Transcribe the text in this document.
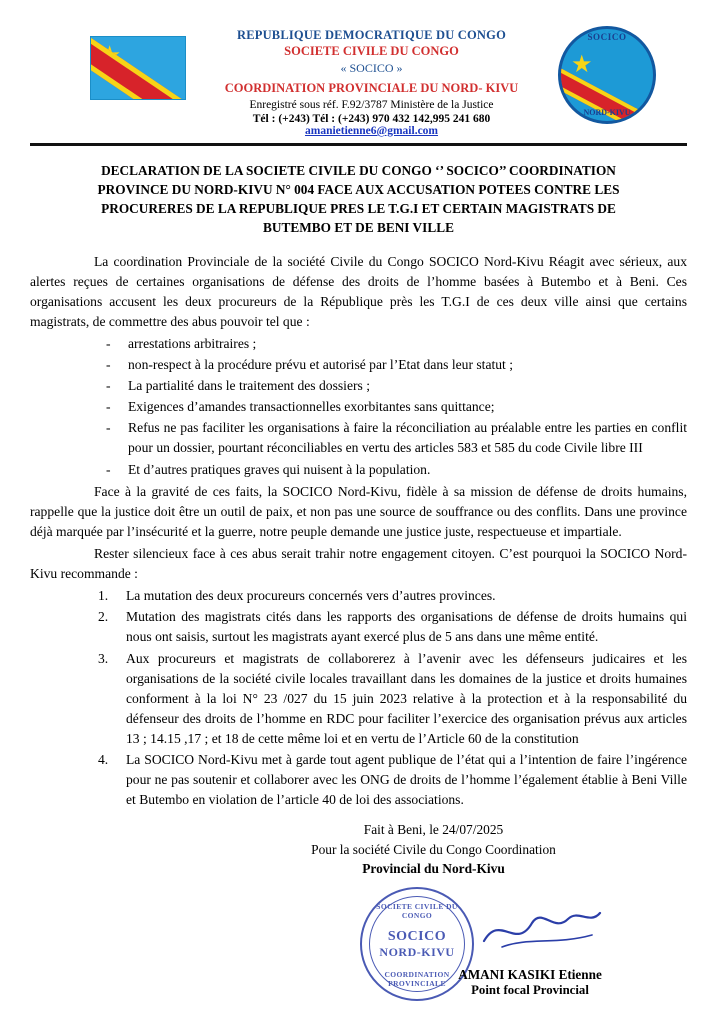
REPUBLIQUE DEMOCRATIQUE DU CONGO
SOCIETE CIVILE DU CONGO
« SOCICO »
COORDINATION PROVINCIALE DU NORD- KIVU
Enregistré sous réf. F.92/3787 Ministère de la Justice
Tél : (+243) Tél : (+243) 970 432 142,995 241 680 amanietienne6@gmail.com
SOCICO
★
NORD-KIVU
DECLARATION DE LA SOCIETE CIVILE DU CONGO ‘’ SOCICO’’ COORDINATION PROVINCE DU NORD-KIVU N° 004 FACE AUX ACCUSATION POTEES CONTRE LES PROCURERES DE LA REPUBLIQUE PRES LE T.G.I ET CERTAIN MAGISTRATS DE BUTEMBO ET DE BENI VILLE

La coordination Provinciale de la société Civile du Congo SOCICO Nord-Kivu Réagit avec sérieux, aux alertes reçues de certaines organisations de défense des droits de l’homme basées à Butembo et à Beni. Ces organisations accusent les deux procureurs de la République près les T.G.I de ces deux ville ainsi que certains magistrats, de commettre des abus pouvoir tel que :

- arrestations arbitraires ;
- non-respect à la procédure prévu et autorisé par l’Etat dans leur statut ;
- La partialité dans le traitement des dossiers ;
- Exigences d’amandes transactionnelles exorbitantes sans quittance;
- Refus ne pas faciliter les organisations à faire la réconciliation au préalable entre les parties en conflit pour un dossier, pourtant réconciliables en vertu des articles 583 et 585 du code Civile libre III
- Et d’autres pratiques graves qui nuisent à la population.

Face à la gravité de ces faits, la SOCICO Nord-Kivu, fidèle à sa mission de défense de droits humains, rappelle que la justice doit être un outil de paix, et non pas une source de souffrance ou des conflits. Dans une province déjà marquée par l’insécurité et la guerre, notre peuple demande une justice juste, respectueuse et impartiale.

Rester silencieux face à ces abus serait trahir notre engagement citoyen. C’est pourquoi la SOCICO Nord-Kivu recommande :

La mutation des deux procureurs concernés vers d’autres provinces.
Mutation des magistrats cités dans les rapports des organisations de défense de droits humains qui nous ont saisis, surtout les magistrats ayant exercé plus de 5 ans dans une même entité.
Aux procureurs et magistrats de collaborerez à l’avenir avec les défenseurs judicaires et les organisations de la société civile locales travaillant dans les domaines de la justice et droits humaines conforment à la loi N° 23 /027 du 15 juin 2023 relative à la protection et à la responsabilité du défenseur des droits de l’homme en RDC pour faciliter l’exercice des organisation prévus aux articles 13 ; 14.15 ,17 ; et 18 de cette même loi et en vertu de l’Article 60 de la constitution
La SOCICO Nord-Kivu met à garde tout agent publique de l’état qui a l’intention de faire l’ingérence pour ne pas soutenir et collaborer avec les ONG de droits de l’homme l’également établie à Beni Ville et Butembo en violation de l’article 40 de loi des associations.
Fait à Beni, le 24/07/2025
Pour la société Civile du Congo Coordination
Provincial du Nord-Kivu
SOCIETE CIVILE DU CONGO
SOCICO
NORD-KIVU
COORDINATION PROVINCIALE
AMANI KASIKI Etienne
Point focal Provincial
